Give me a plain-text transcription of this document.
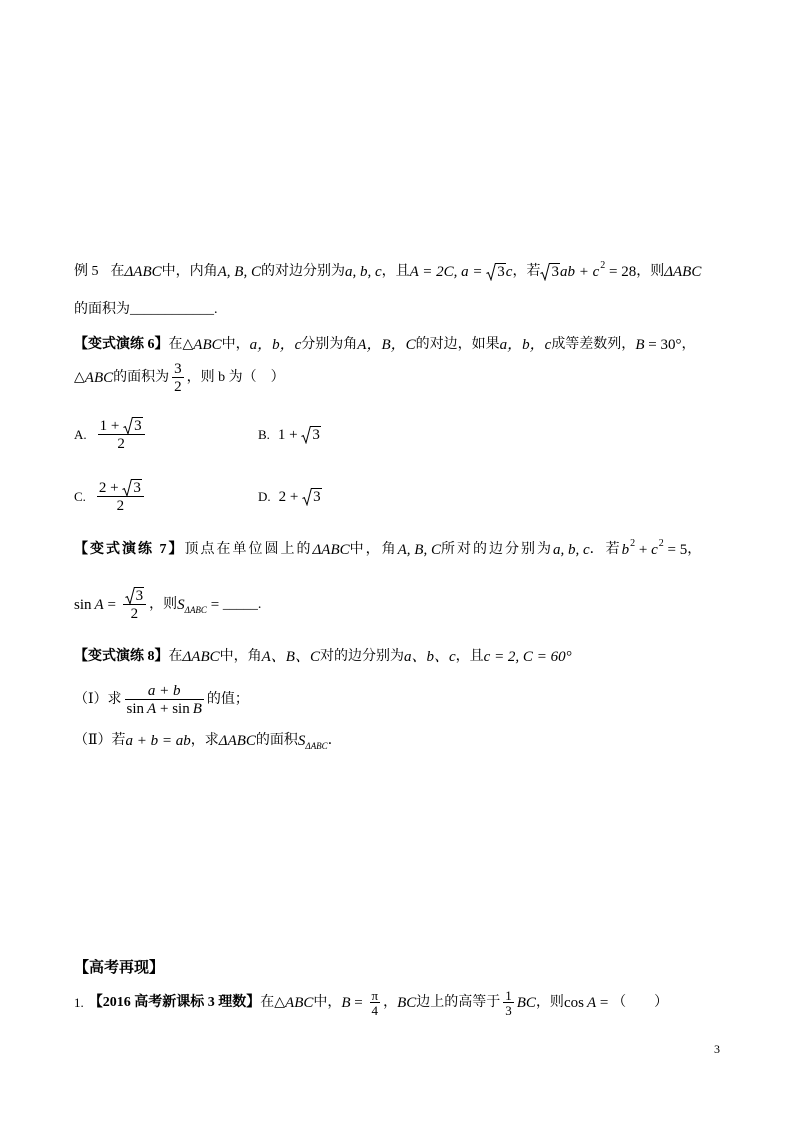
例 5 在 ΔABC 中，内角 A, B, C 的对边分别为 a, b, c ，且 A = 2C, a = 3 c ，若 3 ab + c 2 = 28 ，则 ΔABC
的面积为 ____________ .
【变式演练 6】 在△ ABC 中， a，b，c 分别为角 A，B，C 的对边，如果 a，b，c 成等差数列， B = 30° ，
△ ABC 的面积为 $\frac{3}{2}$ ，则 b 为（　）
A. $\frac{1 + 3}{2}$	B. 1 + 3
C. $\frac{2 + 3}{2}$	D. 2 + 3
【变式演练 7】 顶点在单位圆上的 ΔABC 中，角 A, B, C 所对的边分别为 a, b, c ．若 b 2 + c 2 = 5 ，
$\sin A = \frac{3}{2}$ ，则 S ΔABC = _____ .
【变式演练 8】 在 ΔABC 中，角 A、B、C 对的边分别为 a、b、c ，且 c = 2, C = 60°
（Ⅰ）求 $\frac{a + b}{\text{sin A + sin B}}$ 的值；
（Ⅱ）若 a + b = ab ，求 ΔABC 的面积 S ΔABC ．
【高考再现】
1. 【2016 高考新课标 3 理数】 在△ ABC 中， $B = \frac{\pi}{4}$ ， BC 边上的高等于 $\frac{1}{3}$ BC ，则 cos A = （　　）
3
